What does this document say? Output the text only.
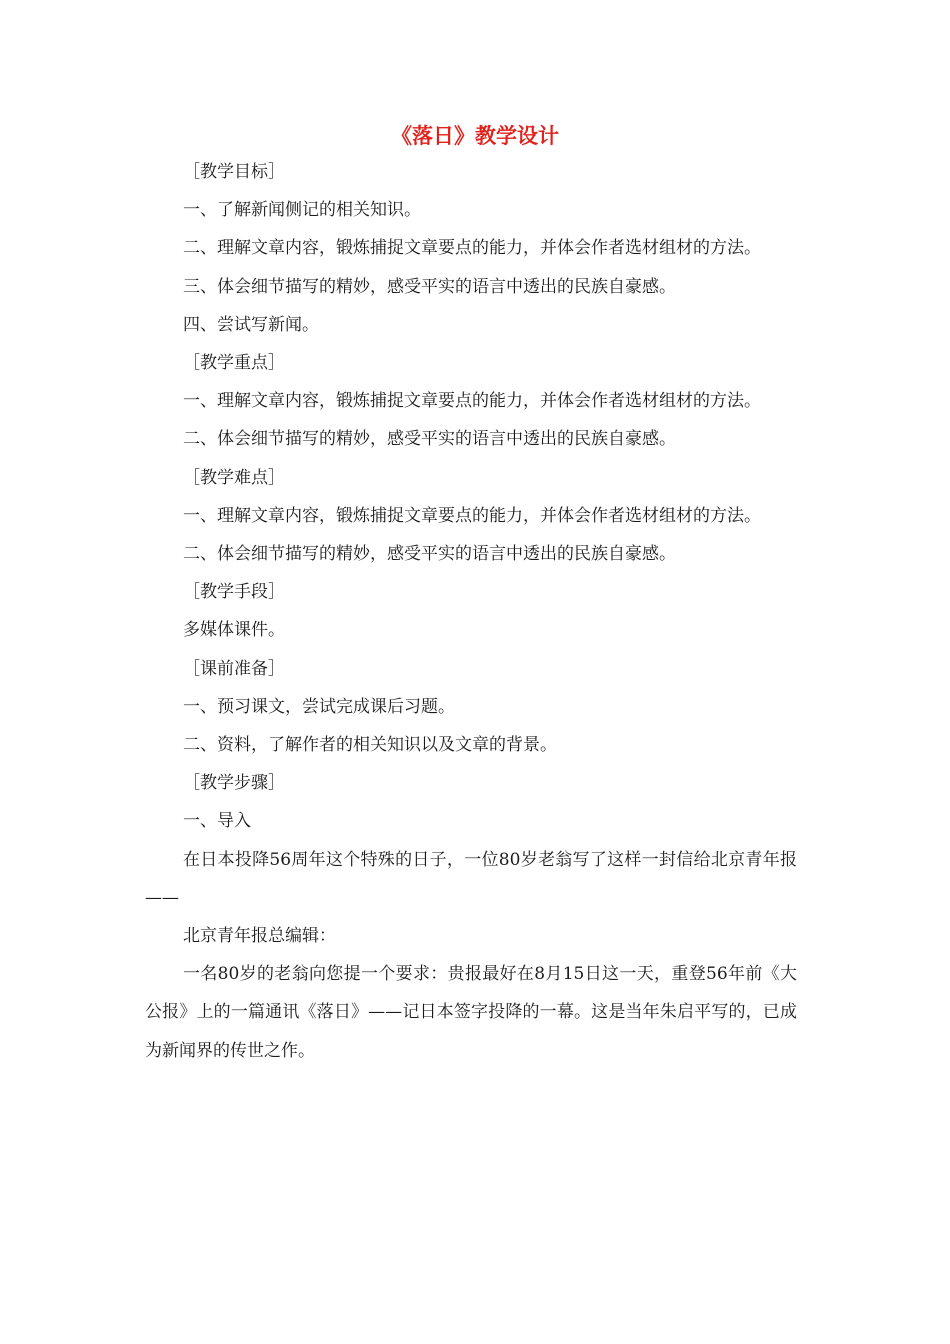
《落日》教学设计

［教学目标］

一、了解新闻侧记的相关知识。

二、理解文章内容，锻炼捕捉文章要点的能力，并体会作者选材组材的方法。

三、体会细节描写的精妙，感受平实的语言中透出的民族自豪感。

四、尝试写新闻。

［教学重点］

一、理解文章内容，锻炼捕捉文章要点的能力，并体会作者选材组材的方法。

二、体会细节描写的精妙，感受平实的语言中透出的民族自豪感。

［教学难点］

一、理解文章内容，锻炼捕捉文章要点的能力，并体会作者选材组材的方法。

二、体会细节描写的精妙，感受平实的语言中透出的民族自豪感。

［教学手段］

多媒体课件。

［课前准备］

一、预习课文，尝试完成课后习题。

二、资料，了解作者的相关知识以及文章的背景。

［教学步骤］

一、导入

在日本投降56周年这个特殊的日子，一位80岁老翁写了这样一封信给北京青年报——

北京青年报总编辑：

一名80岁的老翁向您提一个要求：贵报最好在8月15日这一天，重登56年前《大公报》上的一篇通讯《落日》——记日本签字投降的一幕。这是当年朱启平写的，已成为新闻界的传世之作。
